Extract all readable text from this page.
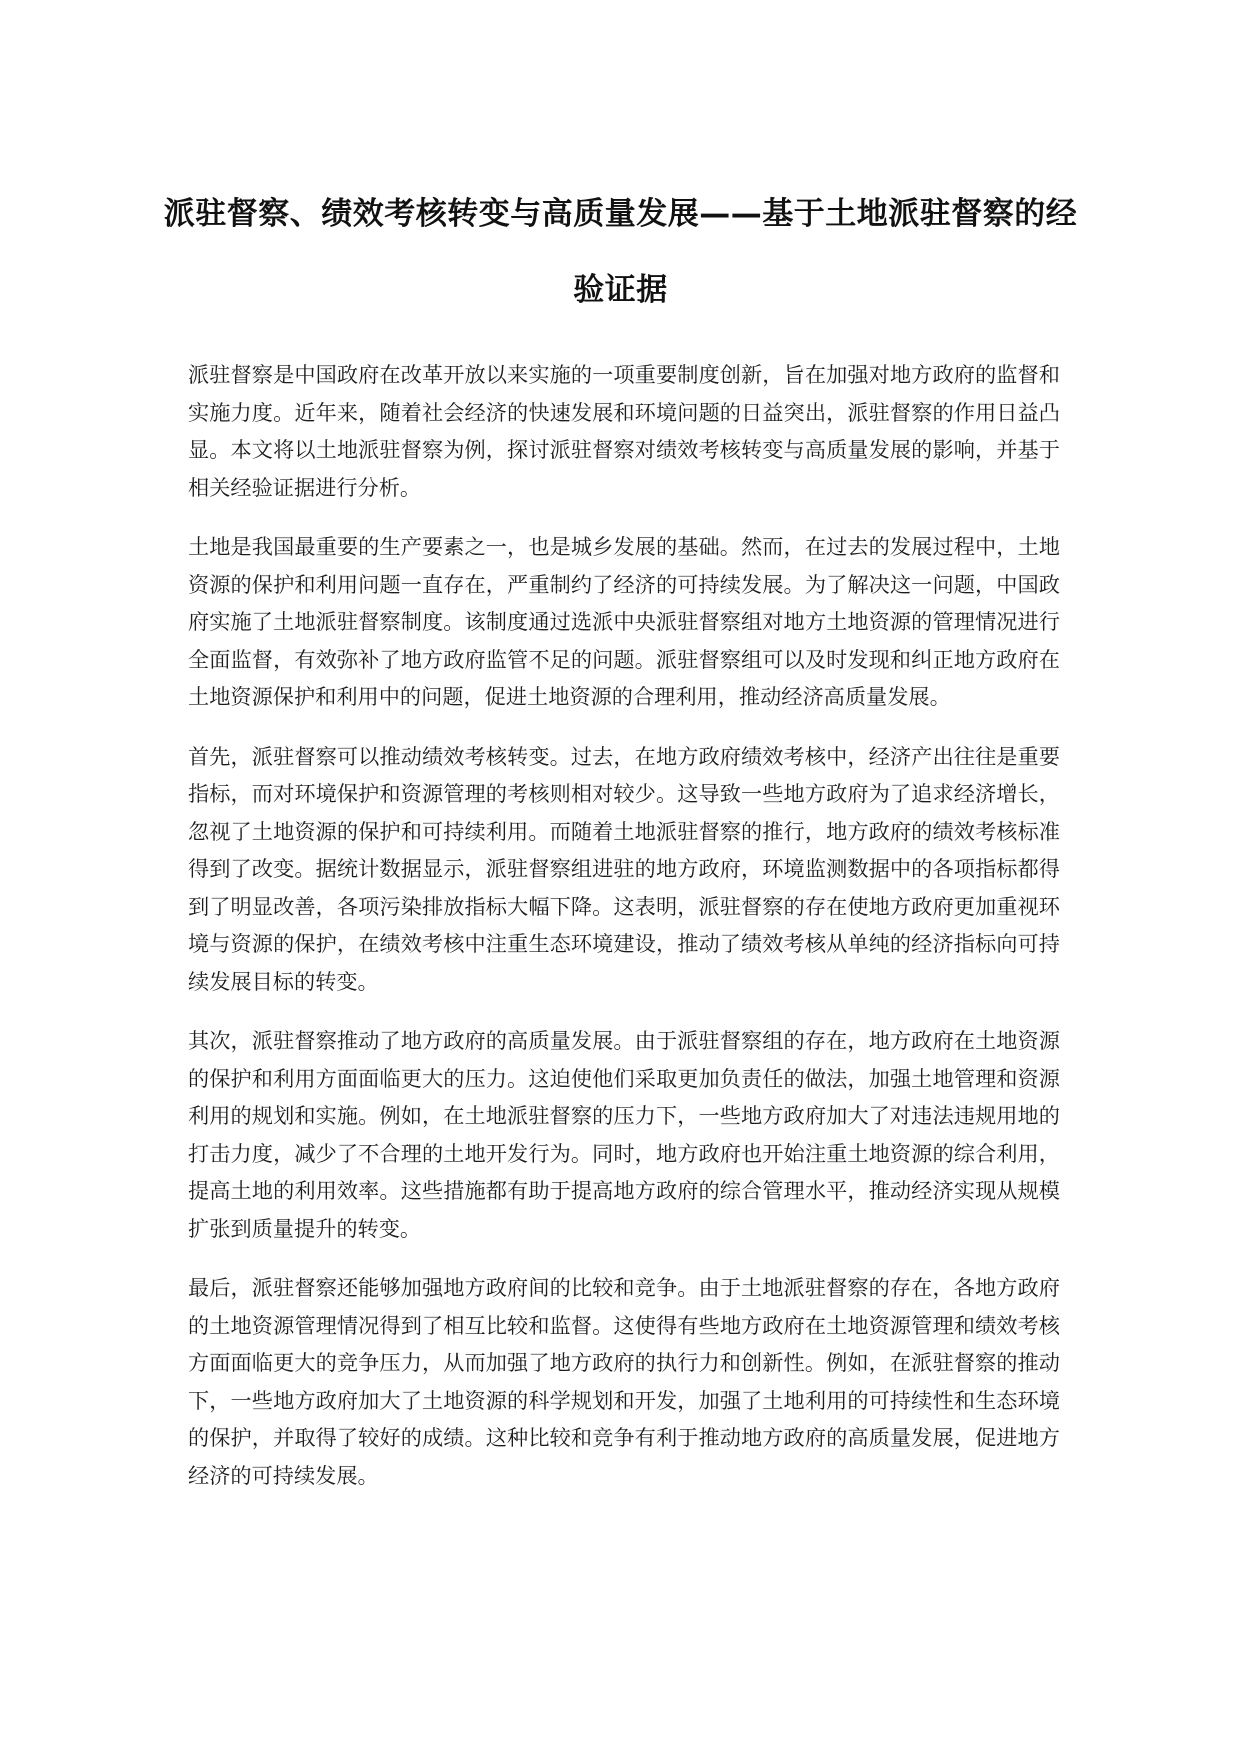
派驻督察、绩效考核转变与高质量发展——基于土地派驻督察的经验证据

派驻督察是中国政府在改革开放以来实施的一项重要制度创新，旨在加强对地方政府的监督和实施力度。近年来，随着社会经济的快速发展和环境问题的日益突出，派驻督察的作用日益凸显。本文将以土地派驻督察为例，探讨派驻督察对绩效考核转变与高质量发展的影响，并基于相关经验证据进行分析。

土地是我国最重要的生产要素之一，也是城乡发展的基础。然而，在过去的发展过程中，土地资源的保护和利用问题一直存在，严重制约了经济的可持续发展。为了解决这一问题，中国政府实施了土地派驻督察制度。该制度通过选派中央派驻督察组对地方土地资源的管理情况进行全面监督，有效弥补了地方政府监管不足的问题。派驻督察组可以及时发现和纠正地方政府在土地资源保护和利用中的问题，促进土地资源的合理利用，推动经济高质量发展。

首先，派驻督察可以推动绩效考核转变。过去，在地方政府绩效考核中，经济产出往往是重要指标，而对环境保护和资源管理的考核则相对较少。这导致一些地方政府为了追求经济增长，忽视了土地资源的保护和可持续利用。而随着土地派驻督察的推行，地方政府的绩效考核标准得到了改变。据统计数据显示，派驻督察组进驻的地方政府，环境监测数据中的各项指标都得到了明显改善，各项污染排放指标大幅下降。这表明，派驻督察的存在使地方政府更加重视环境与资源的保护，在绩效考核中注重生态环境建设，推动了绩效考核从单纯的经济指标向可持续发展目标的转变。

其次，派驻督察推动了地方政府的高质量发展。由于派驻督察组的存在，地方政府在土地资源的保护和利用方面面临更大的压力。这迫使他们采取更加负责任的做法，加强土地管理和资源利用的规划和实施。例如，在土地派驻督察的压力下，一些地方政府加大了对违法违规用地的打击力度，减少了不合理的土地开发行为。同时，地方政府也开始注重土地资源的综合利用，提高土地的利用效率。这些措施都有助于提高地方政府的综合管理水平，推动经济实现从规模扩张到质量提升的转变。

最后，派驻督察还能够加强地方政府间的比较和竞争。由于土地派驻督察的存在，各地方政府的土地资源管理情况得到了相互比较和监督。这使得有些地方政府在土地资源管理和绩效考核方面面临更大的竞争压力，从而加强了地方政府的执行力和创新性。例如，在派驻督察的推动下，一些地方政府加大了土地资源的科学规划和开发，加强了土地利用的可持续性和生态环境的保护，并取得了较好的成绩。这种比较和竞争有利于推动地方政府的高质量发展，促进地方经济的可持续发展。
